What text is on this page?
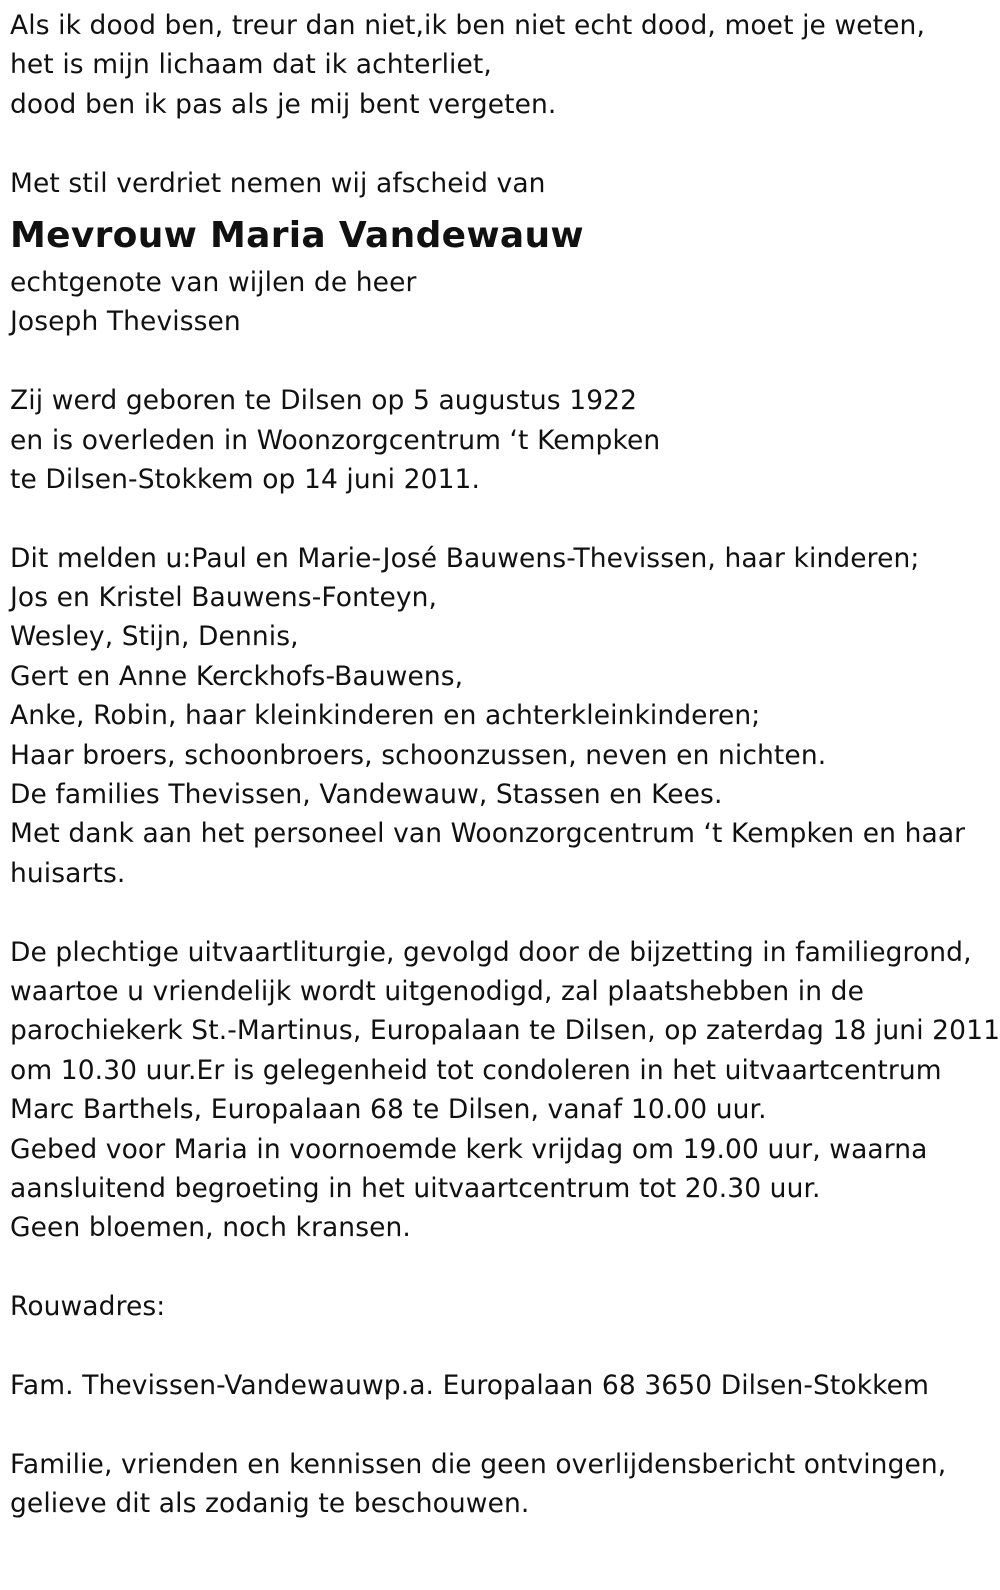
Als ik dood ben, treur dan niet,ik ben niet echt dood, moet je weten,
het is mijn lichaam dat ik achterliet,
dood ben ik pas als je mij bent vergeten.
Met stil verdriet nemen wij afscheid van
Mevrouw Maria Vandewauw
echtgenote van wijlen de heer
Joseph Thevissen
Zij werd geboren te Dilsen op 5 augustus 1922
en is overleden in Woonzorgcentrum ‘t Kempken
te Dilsen-Stokkem op 14 juni 2011.
Dit melden u:Paul en Marie-José Bauwens-Thevissen, haar kinderen;
Jos en Kristel Bauwens-Fonteyn,
Wesley, Stijn, Dennis,
Gert en Anne Kerckhofs-Bauwens,
Anke, Robin, haar kleinkinderen en achterkleinkinderen;
Haar broers, schoonbroers, schoonzussen, neven en nichten.
De families Thevissen, Vandewauw, Stassen en Kees.
Met dank aan het personeel van Woonzorgcentrum ‘t Kempken en haar
huisarts.
De plechtige uitvaartliturgie, gevolgd door de bijzetting in familiegrond,
waartoe u vriendelijk wordt uitgenodigd, zal plaatshebben in de
parochiekerk St.-Martinus, Europalaan te Dilsen, op zaterdag 18 juni 2011
om 10.30 uur.Er is gelegenheid tot condoleren in het uitvaartcentrum
Marc Barthels, Europalaan 68 te Dilsen, vanaf 10.00 uur.
Gebed voor Maria in voornoemde kerk vrijdag om 19.00 uur, waarna
aansluitend begroeting in het uitvaartcentrum tot 20.30 uur.
Geen bloemen, noch kransen.
Rouwadres:
Fam. Thevissen-Vandewauwp.a. Europalaan 68 3650 Dilsen-Stokkem
Familie, vrienden en kennissen die geen overlijdensbericht ontvingen,
gelieve dit als zodanig te beschouwen.
